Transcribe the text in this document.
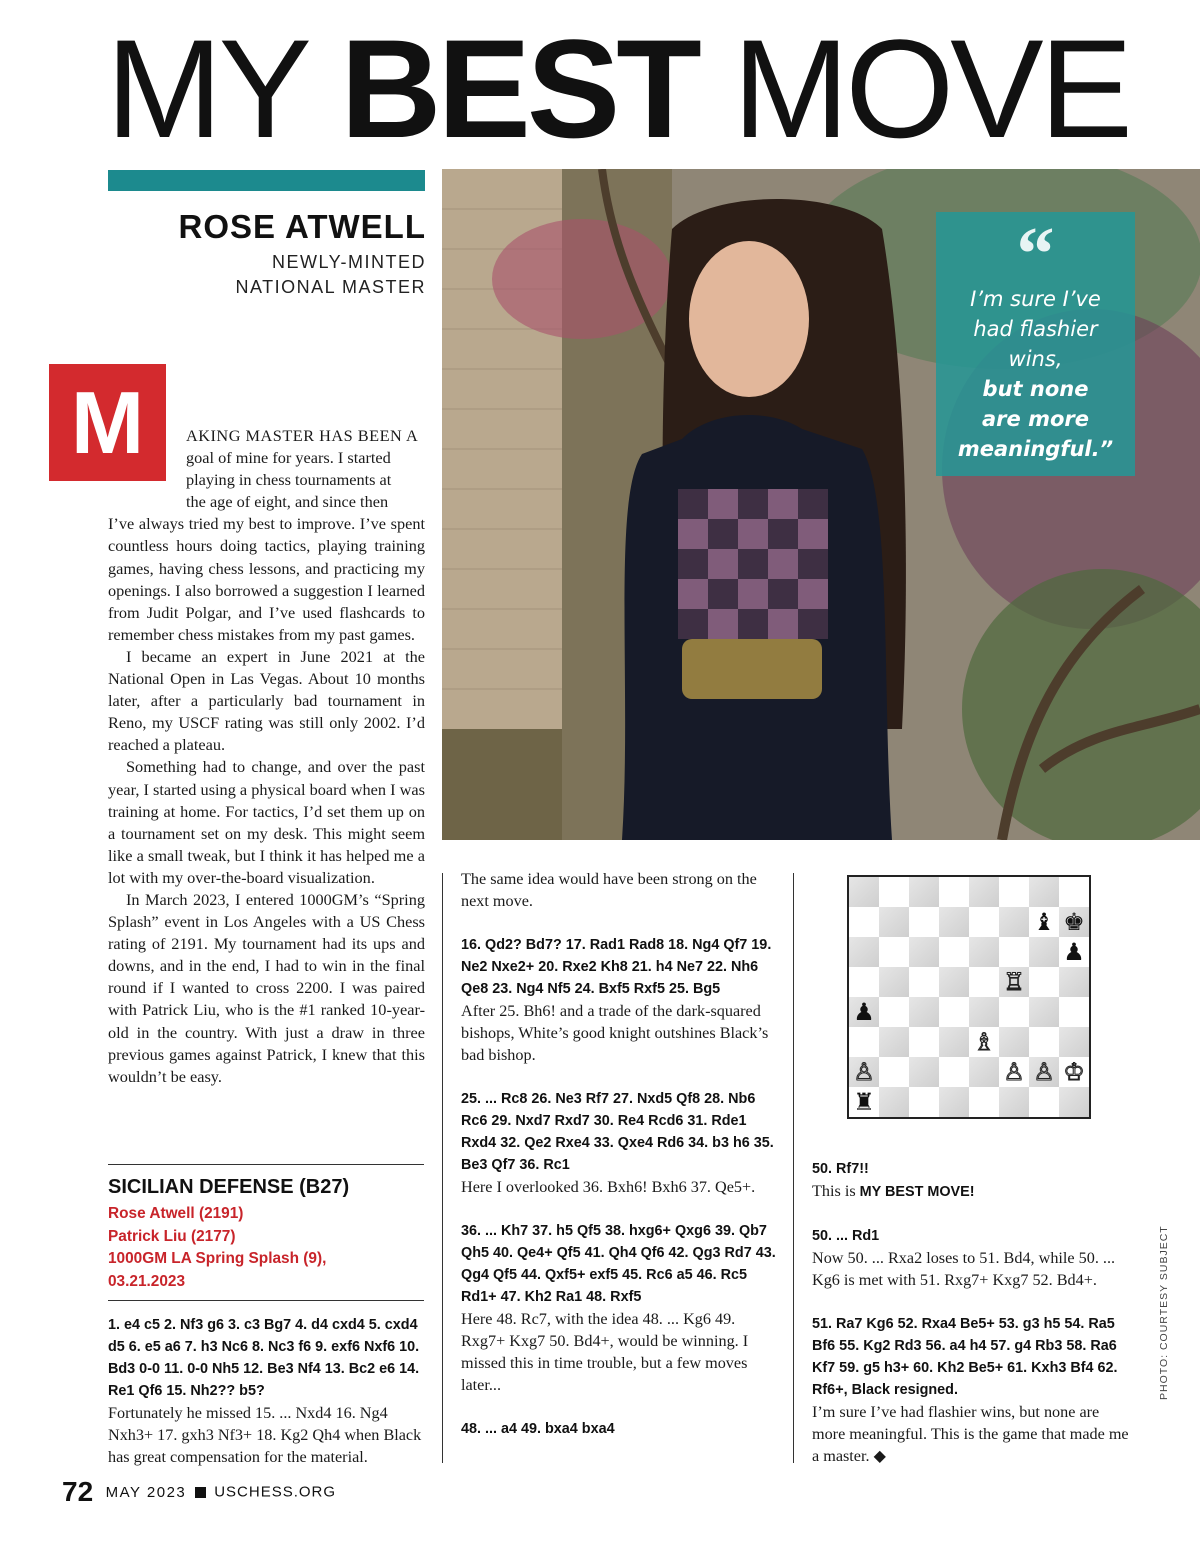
MY BEST MOVE
ROSE ATWELL
NEWLY-MINTED
NATIONAL MASTER
M	AKING MASTER HAS BEEN A
goal of mine for years. I started
playing in chess tournaments at
the age of eight, and since then

I’ve always tried my best to improve. I’ve spent countless hours doing tactics, playing training games, having chess lessons, and practicing my openings. I also borrowed a suggestion I learned from Judit Polgar, and I’ve used flashcards to remember chess mistakes from my past games.

I became an expert in June 2021 at the National Open in Las Vegas. About 10 months later, after a particularly bad tournament in Reno, my USCF rating was still only 2002. I’d reached a plateau.

Something had to change, and over the past year, I started using a physical board when I was training at home. For tactics, I’d set them up on a tournament set on my desk. This might seem like a small tweak, but I think it has helped me a lot with my over-the-board visualization.

In March 2023, I entered 1000GM’s “Spring Splash” event in Los Angeles with a US Chess rating of 2191. My tournament had its ups and downs, and in the end, I had to win in the final round if I wanted to cross 2200. I was paired with Patrick Liu, who is the #1 ranked 10-year-old in the country. With just a draw in three previous games against Patrick, I knew that this wouldn’t be easy.

“
I’m sure I’ve
had flashier
wins,
but none
are more
meaningful.”
SICILIAN DEFENSE (B27)
Rose Atwell (2191)
Patrick Liu (2177)
1000GM LA Spring Splash (9),
03.21.2023
1. e4 c5 2. Nf3 g6 3. c3 Bg7 4. d4 cxd4 5. cxd4 d5 6. e5 a6 7. h3 Nc6 8. Nc3 f6 9. exf6 Nxf6 10. Bd3 0-0 11. 0-0 Nh5 12. Be3 Nf4 13. Bc2 e6 14. Re1 Qf6 15. Nh2?? b5?
Fortunately he missed 15. ... Nxd4 16. Ng4 Nxh3+ 17. gxh3 Nf3+ 18. Kg2 Qh4 when Black has great compensation for the material.
The same idea would have been strong on the next move.
16. Qd2? Bd7? 17. Rad1 Rad8 18. Ng4 Qf7 19. Ne2 Nxe2+ 20. Rxe2 Kh8 21. h4 Ne7 22. Nh6 Qe8 23. Ng4 Nf5 24. Bxf5 Rxf5 25. Bg5
After 25. Bh6! and a trade of the dark-squared bishops, White’s good knight outshines Black’s bad bishop.
25. ... Rc8 26. Ne3 Rf7 27. Nxd5 Qf8 28. Nb6 Rc6 29. Nxd7 Rxd7 30. Re4 Rcd6 31. Rde1 Rxd4 32. Qe2 Rxe4 33. Qxe4 Rd6 34. b3 h6 35. Be3 Qf7 36. Rc1
Here I overlooked 36. Bxh6! Bxh6 37. Qe5+.
36. ... Kh7 37. h5 Qf5 38. hxg6+ Qxg6 39. Qb7 Qh5 40. Qe4+ Qf5 41. Qh4 Qf6 42. Qg3 Rd7 43. Qg4 Qf5 44. Qxf5+ exf5 45. Rc6 a5 46. Rc5 Rd1+ 47. Kh2 Ra1 48. Rxf5
Here 48. Rc7, with the idea 48. ... Kg6 49. Rxg7+ Kxg7 50. Bd4+, would be winning. I missed this in time trouble, but a few moves later...
48. ... a4 49. bxa4 bxa4
♝ ♚
♟
♖
♟
♗
♙	♙ ♙ ♔
♜
50. Rf7!!
This is MY BEST MOVE!
50. ... Rd1
Now 50. ... Rxa2 loses to 51. Bd4, while 50. ... Kg6 is met with 51. Rxg7+ Kxg7 52. Bd4+.
51. Ra7 Kg6 52. Rxa4 Be5+ 53. g3 h5 54. Ra5 Bf6 55. Kg2 Rd3 56. a4 h4 57. g4 Rb3 58. Ra6 Kf7 59. g5 h3+ 60. Kh2 Be5+ 61. Kxh3 Bf4 62. Rf6+, Black resigned.
I’m sure I’ve had flashier wins, but none are more meaningful. This is the game that made me a master. ◆
PHOTO: COURTESY SUBJECT
72 MAY 2023 USCHESS.ORG
